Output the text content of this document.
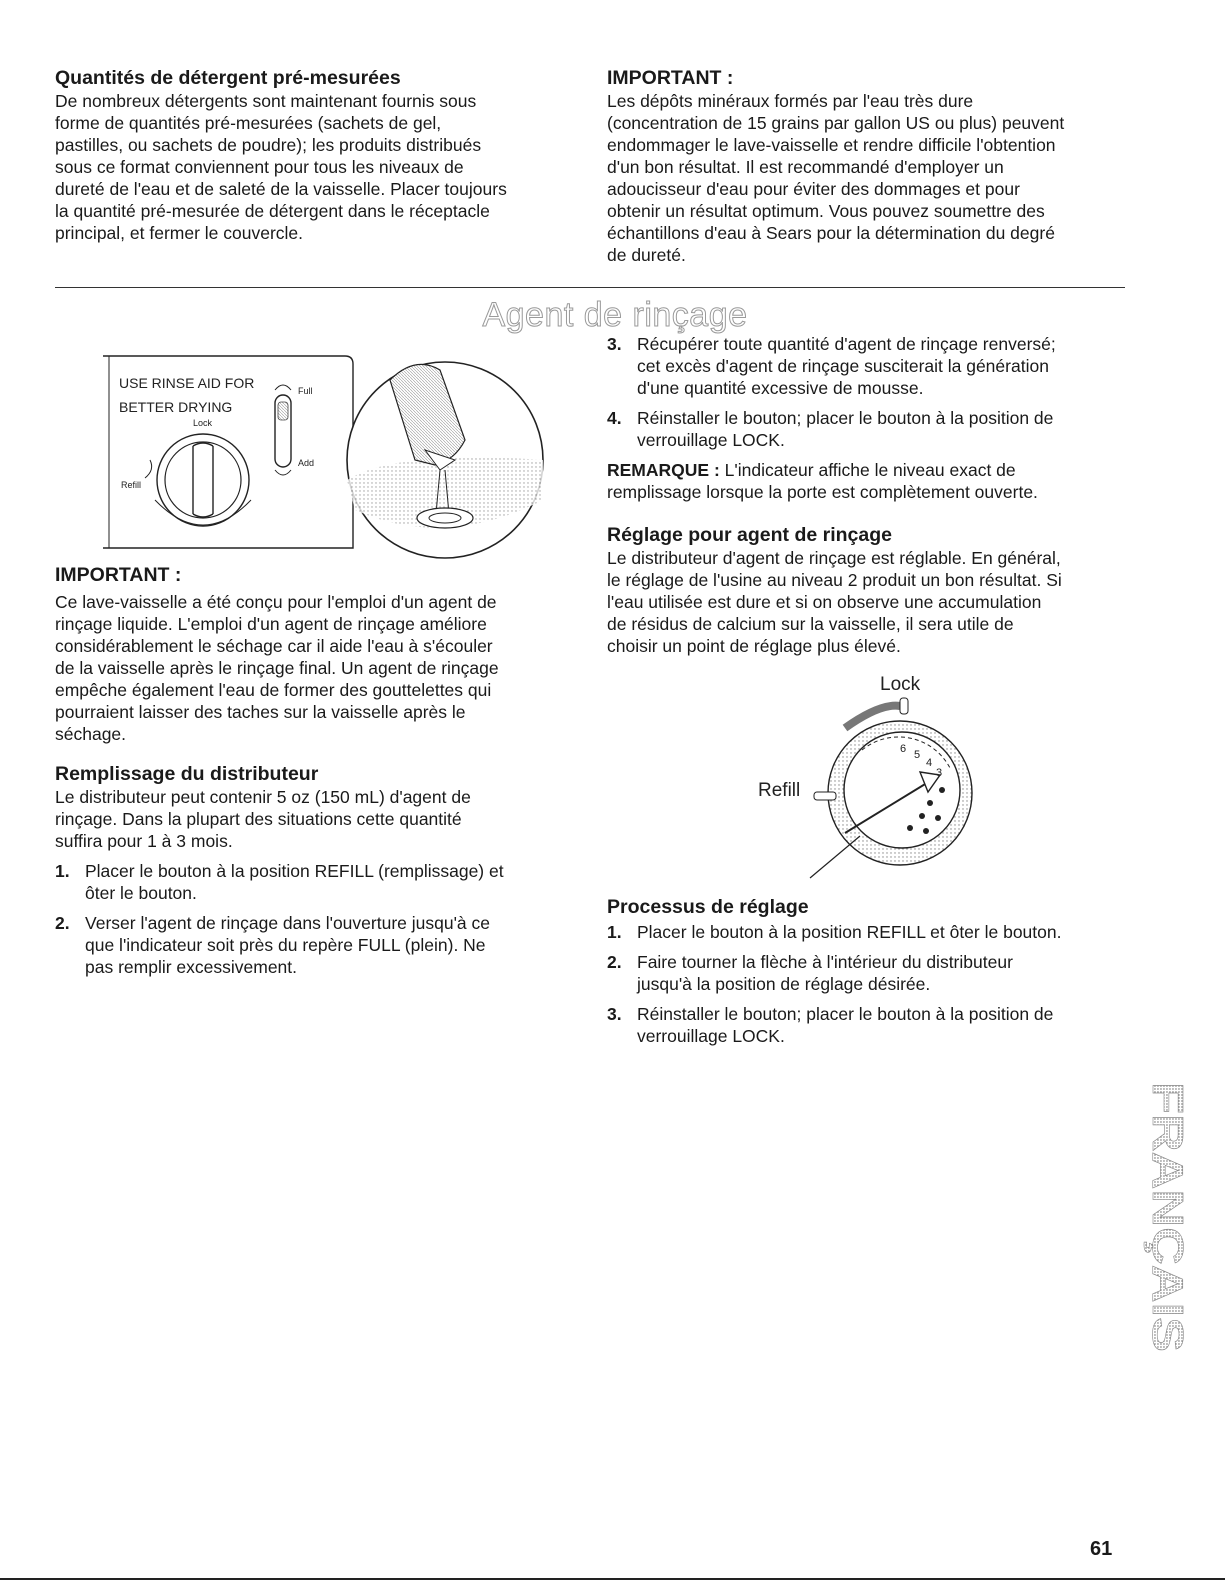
Quantités de détergent pré-mesurées

De nombreux détergents sont maintenant fournis sous

forme de quantités pré-mesurées (sachets de gel,

pastilles, ou sachets de poudre); les produits distribués

sous ce format conviennent pour tous les niveaux de

dureté de l'eau et de saleté de la vaisselle. Placer toujours

la quantité pré-mesurée de détergent dans le réceptacle

principal, et fermer le couvercle.

IMPORTANT :

Les dépôts minéraux formés par l'eau très dure

(concentration de 15 grains par gallon US ou plus) peuvent

endommager le lave-vaisselle et rendre difficile l'obtention

d'un bon résultat. Il est recommandé d'employer un

adoucisseur d'eau pour éviter des dommages et pour

obtenir un résultat optimum. Vous pouvez soumettre des

échantillons d'eau à Sears pour la détermination du degré

de dureté.

Agent de rinçage
USE RINSE AID FOR
BETTER DRYING
Lock
Refill
Full
Add
IMPORTANT :

Ce lave-vaisselle a été conçu pour l'emploi d'un agent de

rinçage liquide. L'emploi d'un agent de rinçage améliore

considérablement le séchage car il aide l'eau à s'écouler

de la vaisselle après le rinçage final. Un agent de rinçage

empêche également l'eau de former des gouttelettes qui

pourraient laisser des taches sur la vaisselle après le

séchage.

Remplissage du distributeur

Le distributeur peut contenir 5 oz (150 mL) d'agent de

rinçage. Dans la plupart des situations cette quantité

suffira pour 1 à 3 mois.

1. Placer le bouton à la position REFILL (remplissage) et
ôter le bouton.
2. Verser l'agent de rinçage dans l'ouverture jusqu'à ce
que l'indicateur soit près du repère FULL (plein). Ne
pas remplir excessivement.
3. Récupérer toute quantité d'agent de rinçage renversé;
cet excès d'agent de rinçage susciterait la génération
d'une quantité excessive de mousse.
4. Réinstaller le bouton; placer le bouton à la position de
verrouillage LOCK.

REMARQUE : L'indicateur affiche le niveau exact de

remplissage lorsque la porte est complètement ouverte.

Réglage pour agent de rinçage

Le distributeur d'agent de rinçage est réglable. En général,

le réglage de l'usine au niveau 2 produit un bon résultat. Si

l'eau utilisée est dure et si on observe une accumulation

de résidus de calcium sur la vaisselle, il sera utile de

choisir un point de réglage plus élevé.

Lock
Refill
6 5
4
3
Processus de réglage
1. Placer le bouton à la position REFILL et ôter le bouton.
2. Faire tourner la flèche à l'intérieur du distributeur
jusqu'à la position de réglage désirée.
3. Réinstaller le bouton; placer le bouton à la position de
verrouillage LOCK.
FRANÇAIS
61
